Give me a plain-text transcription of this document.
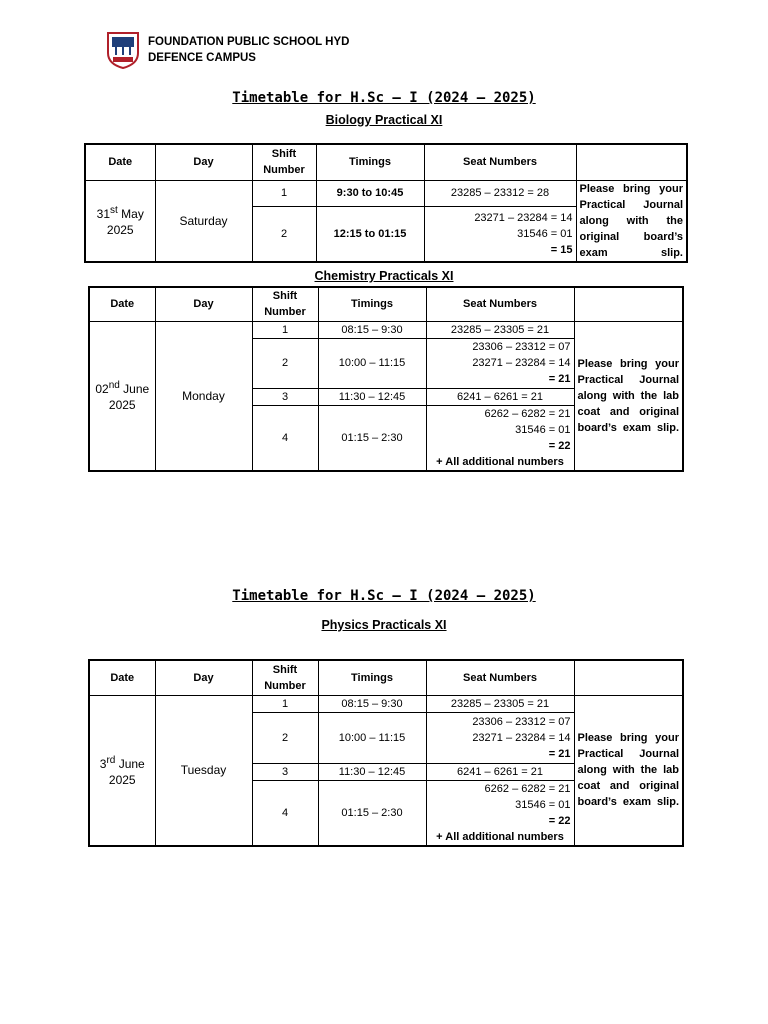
FOUNDATION PUBLIC SCHOOL HYD
DEFENCE CAMPUS
Timetable for H.Sc – I (2024 – 2025)
Biology Practical XI
Date	Day	Shift Number	Timings	Seat Numbers	
31st May 2025	Saturday	1	9:30 to 10:45	23285 – 23312 = 28	Please bring your Practical Journal along with the original board’s exam slip.
		2	12:15 to 01:15	23271 – 23284 = 14
31546 = 01
= 15	
Chemistry Practicals XI
Date	Day	Shift Number	Timings	Seat Numbers	
02nd June 2025	Monday	1	08:15 – 9:30	23285 – 23305 = 21	Please bring your Practical Journal along with the lab coat and original board’s exam slip.
		2	10:00 – 11:15	23306 – 23312 = 07
23271 – 23284 = 14
= 21	

		3	11:30 – 12:45	6241 – 6261 = 21	
		4	01:15 – 2:30	6262 – 6282 = 21
31546 = 01
= 22
+ All additional numbers	
Timetable for H.Sc – I (2024 – 2025)
Physics Practicals XI
Date	Day	Shift Number	Timings	Seat Numbers	
3rd June 2025	Tuesday	1	08:15 – 9:30	23285 – 23305 = 21	Please bring your Practical Journal along with the lab coat and original board’s exam slip.
		2	10:00 – 11:15	23306 – 23312 = 07
23271 – 23284 = 14
= 21	

		3	11:30 – 12:45	6241 – 6261 = 21	
		4	01:15 – 2:30	6262 – 6282 = 21
31546 = 01
= 22
+ All additional numbers	
